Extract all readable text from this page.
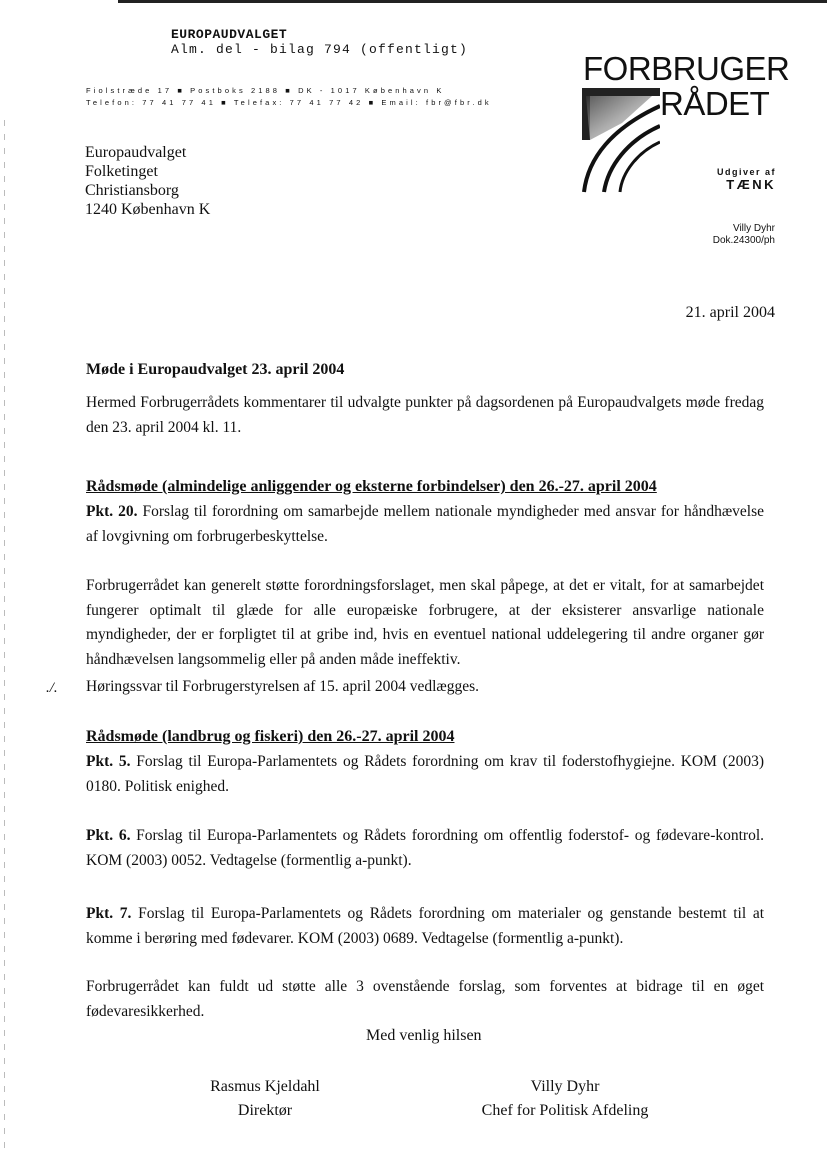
EUROPAUDVALGET
Alm. del - bilag 794 (offentligt)
Fiolstræde 17 ■ Postboks 2188 ■ DK - 1017 København K
Telefon: 77 41 77 41 ■ Telefax: 77 41 77 42 ■ Email: fbr@fbr.dk
FORBRUGER
RÅDET
Udgiver af
TÆNK
Villy Dyhr
Dok.24300/ph
Europaudvalget
Folketinget
Christiansborg
1240 København K
21. april 2004
Møde i Europaudvalget 23. april 2004
Hermed Forbrugerrådets kommentarer til udvalgte punkter på dagsordenen på Europaudvalgets møde fredag den 23. april 2004 kl. 11.
Rådsmøde (almindelige anliggender og eksterne forbindelser) den 26.-27. april 2004
Pkt. 20. Forslag til forordning om samarbejde mellem nationale myndigheder med ansvar for håndhævelse af lovgivning om forbrugerbeskyttelse.
Forbrugerrådet kan generelt støtte forordningsforslaget, men skal påpege, at det er vitalt, for at samarbejdet fungerer optimalt til glæde for alle europæiske forbrugere, at der eksisterer ansvarlige nationale myndigheder, der er forpligtet til at gribe ind, hvis en eventuel national uddelegering til andre organer gør håndhævelsen langsommelig eller på anden måde ineffektiv.
./. Høringssvar til Forbrugerstyrelsen af 15. april 2004 vedlægges.
Rådsmøde (landbrug og fiskeri) den 26.-27. april 2004
Pkt. 5. Forslag til Europa-Parlamentets og Rådets forordning om krav til foderstofhygiejne. KOM (2003) 0180. Politisk enighed.
Pkt. 6. Forslag til Europa-Parlamentets og Rådets forordning om offentlig foderstof- og fødevare-kontrol. KOM (2003) 0052. Vedtagelse (formentlig a-punkt).
Pkt. 7. Forslag til Europa-Parlamentets og Rådets forordning om materialer og genstande bestemt til at komme i berøring med fødevarer. KOM (2003) 0689. Vedtagelse (formentlig a-punkt).
Forbrugerrådet kan fuldt ud støtte alle 3 ovenstående forslag, som forventes at bidrage til en øget fødevaresikkerhed.
Med venlig hilsen
Rasmus Kjeldahl
Direktør
Villy Dyhr
Chef for Politisk Afdeling
